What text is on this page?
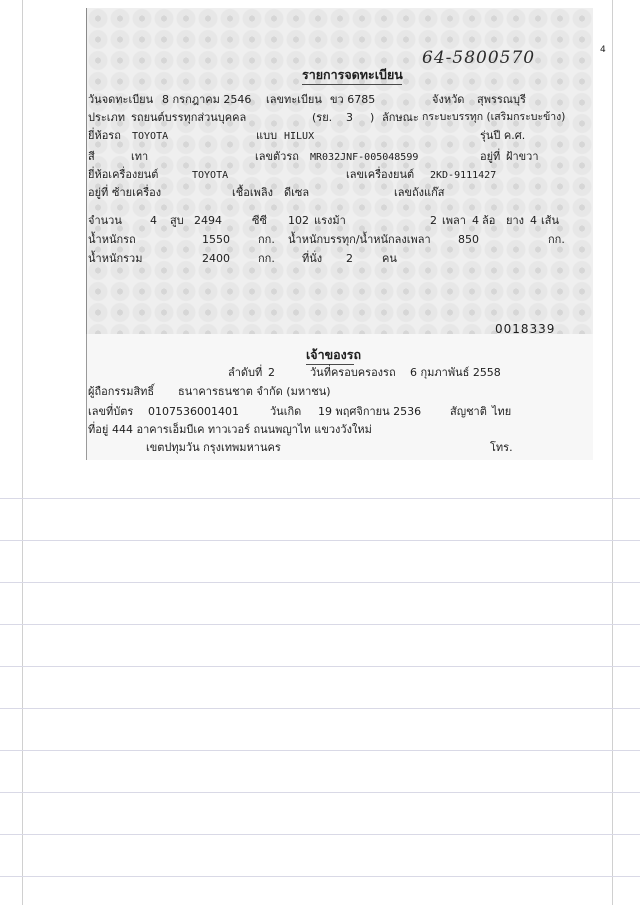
4
64-5800570
รายการจดทะเบียน
วันจดทะเบียน 8 กรกฎาคม 2546 เลขทะเบียน ขว 6785	จังหวัด สุพรรณบุรี
ประเภท รถยนต์บรรทุกส่วนบุคคล	(รย. 3 ) ลักษณะ กระบะบรรทุก (เสริมกระบะข้าง)
ยี่ห้อรถ TOYOTA	แบบ HILUX	รุ่นปี ค.ศ.
สี	เทา	เลขตัวรถ MR032JNF-005048599	อยู่ที่ ฝ้าขวา
ยี่ห้อเครื่องยนต์	TOYOTA	เลขเครื่องยนต์ 2KD-9111427
อยู่ที่ ซ้ายเครื่อง	เชื้อเพลิง ดีเซล	เลขถังแก๊ส
จำนวน	4 สูบ 2494	ซีซี 102 แรงม้า	2 เพลา 4 ล้อ ยาง 4 เส้น
น้ำหนักรถ	1550	กก. น้ำหนักบรรทุก/น้ำหนักลงเพลา 850	กก.
น้ำหนักรวม	2400	กก. ที่นั่ง 2	คน
0018339
เจ้าของรถ
ลำดับที่ 2	วันที่ครอบครองรถ 6 กุมภาพันธ์ 2558
ผู้ถือกรรมสิทธิ์ ธนาคารธนชาต จำกัด (มหาชน)
เลขที่บัตร 0107536001401	วันเกิด 19 พฤศจิกายน 2536	สัญชาติ ไทย
ที่อยู่ 444 อาคารเอ็มบีเค ทาวเวอร์ ถนนพญาไท แขวงวังใหม่
เขตปทุมวัน กรุงเทพมหานคร	โทร.
